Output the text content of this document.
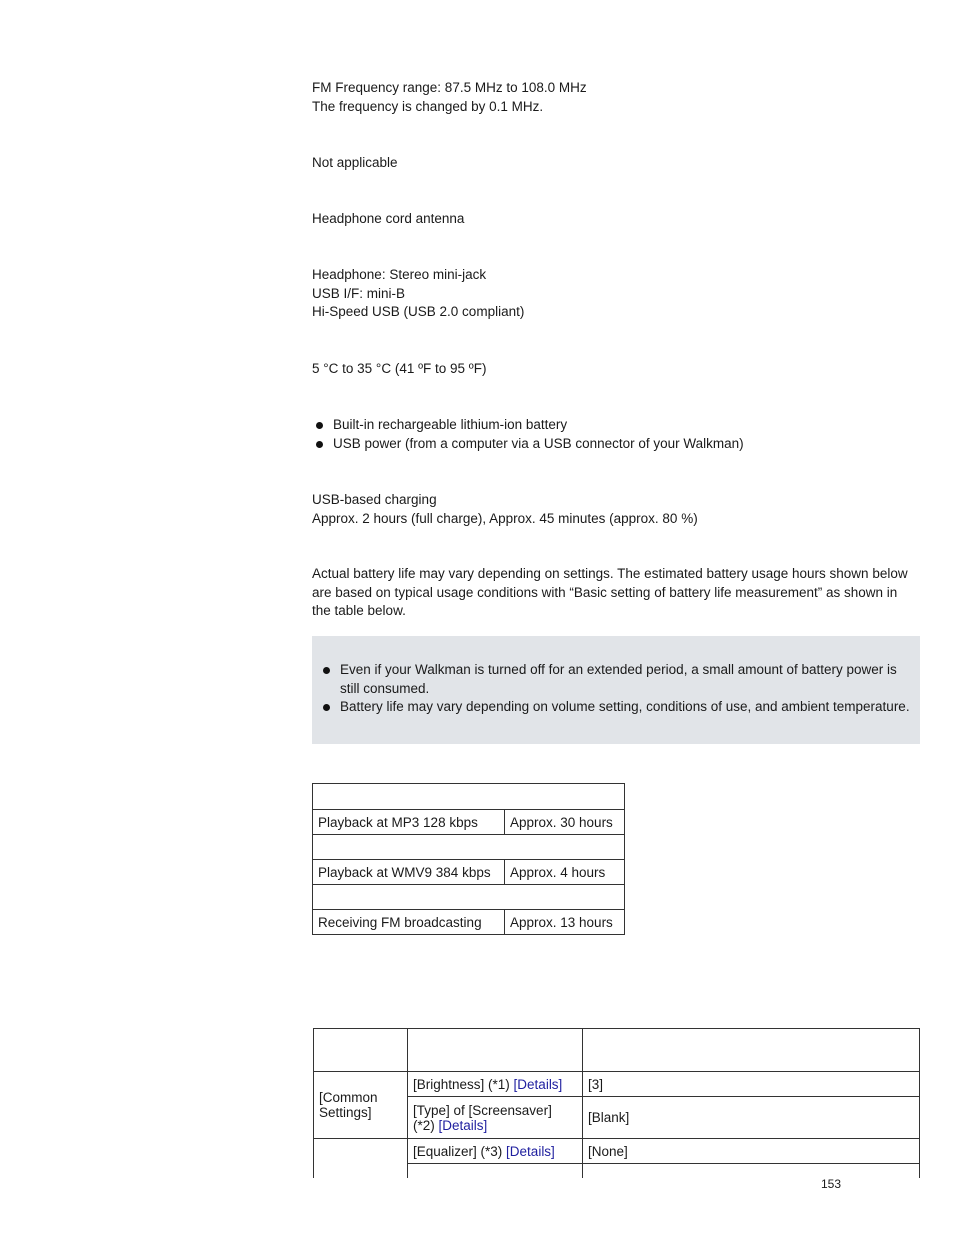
FM Frequency range: 87.5 MHz to 108.0 MHz

The frequency is changed by 0.1 MHz.

Not applicable
Headphone cord antenna

Headphone: Stereo mini-jack

USB I/F: mini-B

Hi-Speed USB (USB 2.0 compliant)

5 °C to 35 °C (41 ºF to 95 ºF)
Built-in rechargeable lithium-ion battery
USB power (from a computer via a USB connector of your Walkman)

USB-based charging

Approx. 2 hours (full charge), Approx. 45 minutes (approx. 80 %)

Actual battery life may vary depending on settings. The estimated battery usage hours shown below are based on typical usage conditions with “Basic setting of battery life measurement” as shown in the table below.
Even if your Walkman is turned off for an extended period, a small amount of battery power is still consumed.
Battery life may vary depending on volume setting, conditions of use, and ambient temperature.

Playback at MP3 128 kbps	Approx. 30 hours

Playback at WMV9 384 kbps	Approx. 4 hours

Receiving FM broadcasting	Approx. 13 hours

[Common Settings]	[Brightness] (*1) [Details]	[3]
	[Type] of [Screensaver] (*2) [Details]	[Blank]
	[Equalizer] (*3) [Details]	[None]

153
